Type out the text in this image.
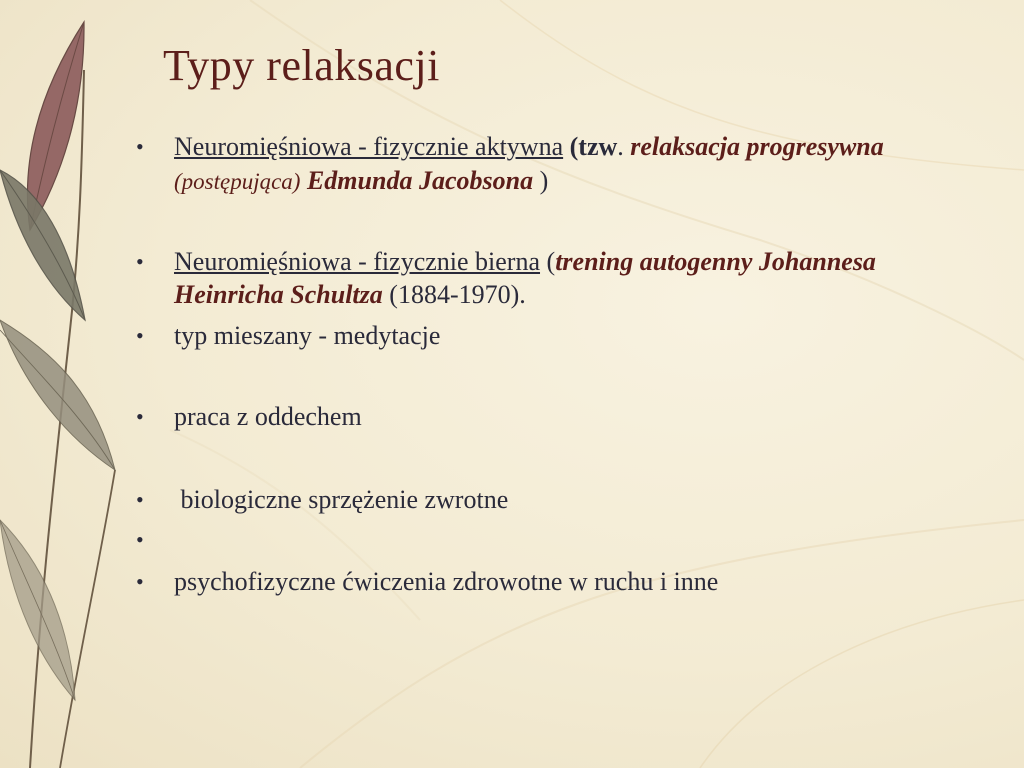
Typy relaksacji
•	Neuromięśniowa - fizycznie aktywna (tzw. relaksacja progresywna (postępująca) Edmunda Jacobsona )
•	Neuromięśniowa - fizycznie bierna (trening autogenny Johannesa Heinricha Schultza (1884-1970).
•	typ mieszany - medytacje
•	praca z oddechem
•	biologiczne sprzężenie zwrotne
•
•	psychofizyczne ćwiczenia zdrowotne w ruchu i inne
